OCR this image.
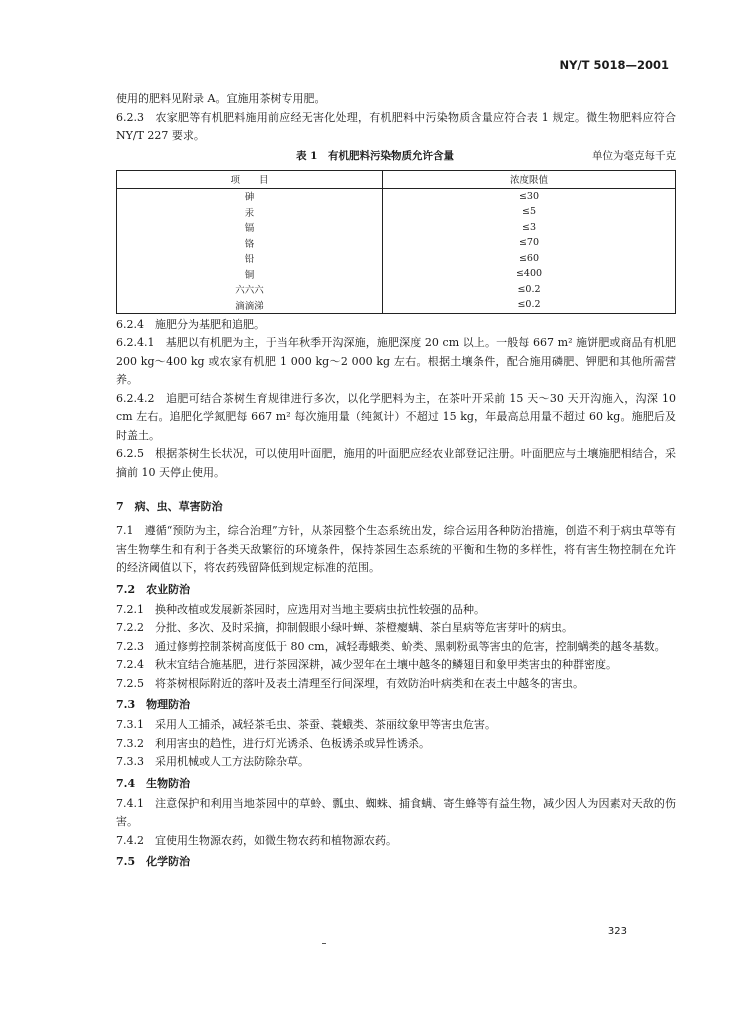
NY/T 5018—2001

使用的肥料见附录 A。宜施用茶树专用肥。

6.2.3　农家肥等有机肥料施用前应经无害化处理，有机肥料中污染物质含量应符合表 1 规定。微生物肥料应符合 NY/T 227 要求。

表 1　有机肥料污染物质允许含量	单位为毫克每千克
项　　目	浓度限值
砷	≤30
汞	≤5
镉	≤3
铬	≤70
铅	≤60
铜	≤400
六六六	≤0.2
滴滴涕	≤0.2

6.2.4　施肥分为基肥和追肥。

6.2.4.1　基肥以有机肥为主，于当年秋季开沟深施，施肥深度 20 cm 以上。一般每 667 m² 施饼肥或商品有机肥 200 kg～400 kg 或农家有机肥 1 000 kg～2 000 kg 左右。根据土壤条件，配合施用磷肥、钾肥和其他所需营养。

6.2.4.2　追肥可结合茶树生育规律进行多次，以化学肥料为主，在茶叶开采前 15 天～30 天开沟施入，沟深 10 cm 左右。追肥化学氮肥每 667 m² 每次施用量（纯氮计）不超过 15 kg，年最高总用量不超过 60 kg。施肥后及时盖土。

6.2.5　根据茶树生长状况，可以使用叶面肥，施用的叶面肥应经农业部登记注册。叶面肥应与土壤施肥相结合，采摘前 10 天停止使用。

7　病、虫、草害防治

7.1　遵循“预防为主，综合治理”方针，从茶园整个生态系统出发，综合运用各种防治措施，创造不利于病虫草等有害生物孳生和有利于各类天敌繁衍的环境条件，保持茶园生态系统的平衡和生物的多样性，将有害生物控制在允许的经济阈值以下，将农药残留降低到规定标准的范围。

7.2　农业防治

7.2.1　换种改植或发展新茶园时，应选用对当地主要病虫抗性较强的品种。

7.2.2　分批、多次、及时采摘，抑制假眼小绿叶蝉、茶橙瘿螨、茶白星病等危害芽叶的病虫。

7.2.3　通过修剪控制茶树高度低于 80 cm，减轻毒蛾类、蚧类、黑刺粉虱等害虫的危害，控制螨类的越冬基数。

7.2.4　秋末宜结合施基肥，进行茶园深耕，减少翌年在土壤中越冬的鳞翅目和象甲类害虫的种群密度。

7.2.5　将茶树根际附近的落叶及表土清理至行间深埋，有效防治叶病类和在表土中越冬的害虫。

7.3　物理防治

7.3.1　采用人工捕杀，减轻茶毛虫、茶蚕、蓑蛾类、茶丽纹象甲等害虫危害。

7.3.2　利用害虫的趋性，进行灯光诱杀、色板诱杀或异性诱杀。

7.3.3　采用机械或人工方法防除杂草。

7.4　生物防治

7.4.1　注意保护和利用当地茶园中的草蛉、瓢虫、蜘蛛、捕食螨、寄生蜂等有益生物，减少因人为因素对天敌的伤害。

7.4.2　宜使用生物源农药，如微生物农药和植物源农药。

7.5　化学防治
323
